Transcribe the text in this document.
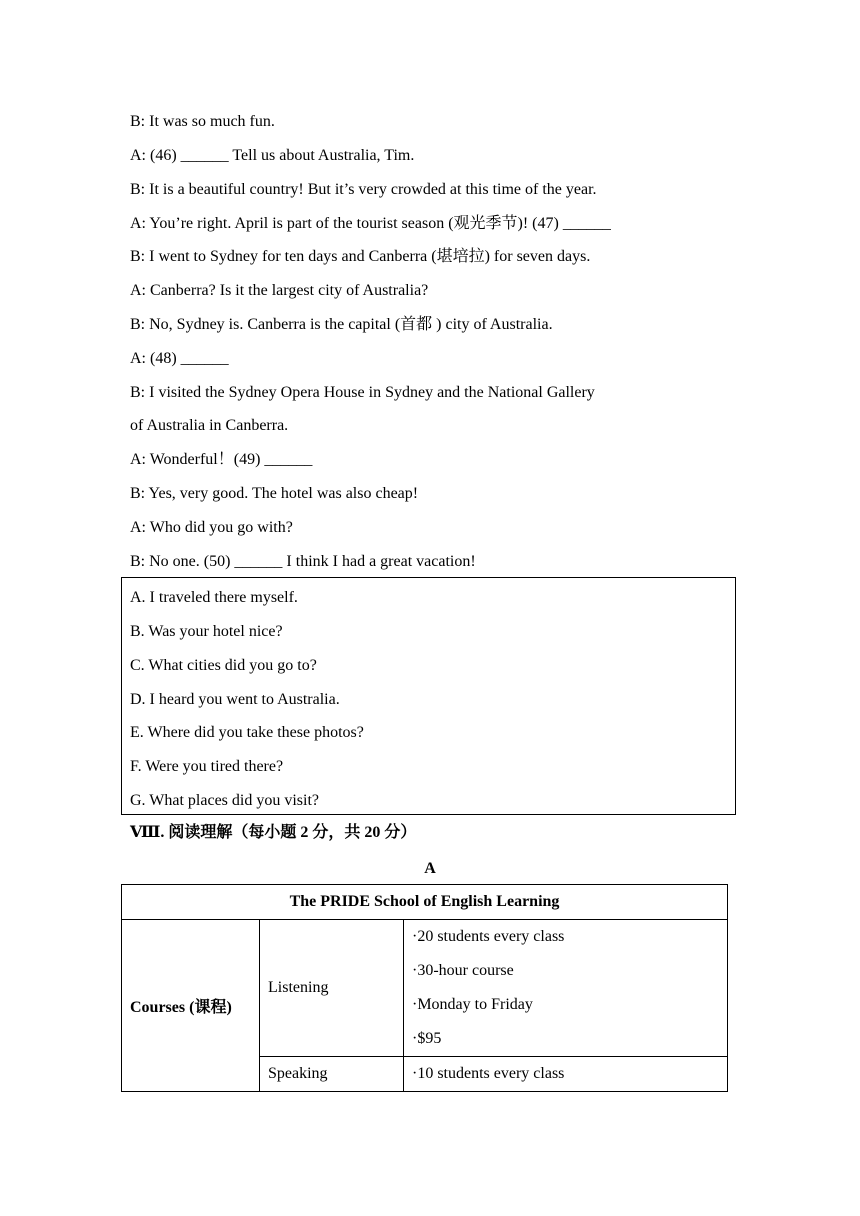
B: It was so much fun.
A: (46) ______ Tell us about Australia, Tim.
B: It is a beautiful country! But it’s very crowded at this time of the year.
A: You’re right. April is part of the tourist season (观光季节)! (47) ______
B: I went to Sydney for ten days and Canberra (堪培拉) for seven days.
A: Canberra? Is it the largest city of Australia?
B: No, Sydney is. Canberra is the capital (首都 ) city of Australia.
A: (48) ______
B: I visited the Sydney Opera House in Sydney and the National Gallery
of Australia in Canberra.
A: Wonderful！(49) ______
B: Yes, very good. The hotel was also cheap!
A: Who did you go with?
B: No one. (50) ______ I think I had a great vacation!
A. I traveled there myself.
B. Was your hotel nice?
C. What cities did you go to?
D. I heard you went to Australia.
E. Where did you take these photos?
F. Were you tired there?
G. What places did you visit?
Ⅷ. 阅读理解（每小题 2 分，共 20 分）
A
The PRIDE School of English Learning		
Courses (课程)	Listening	·20 students every class
·30-hour course
·Monday to Friday
·$95

	Speaking	·10 students every class
